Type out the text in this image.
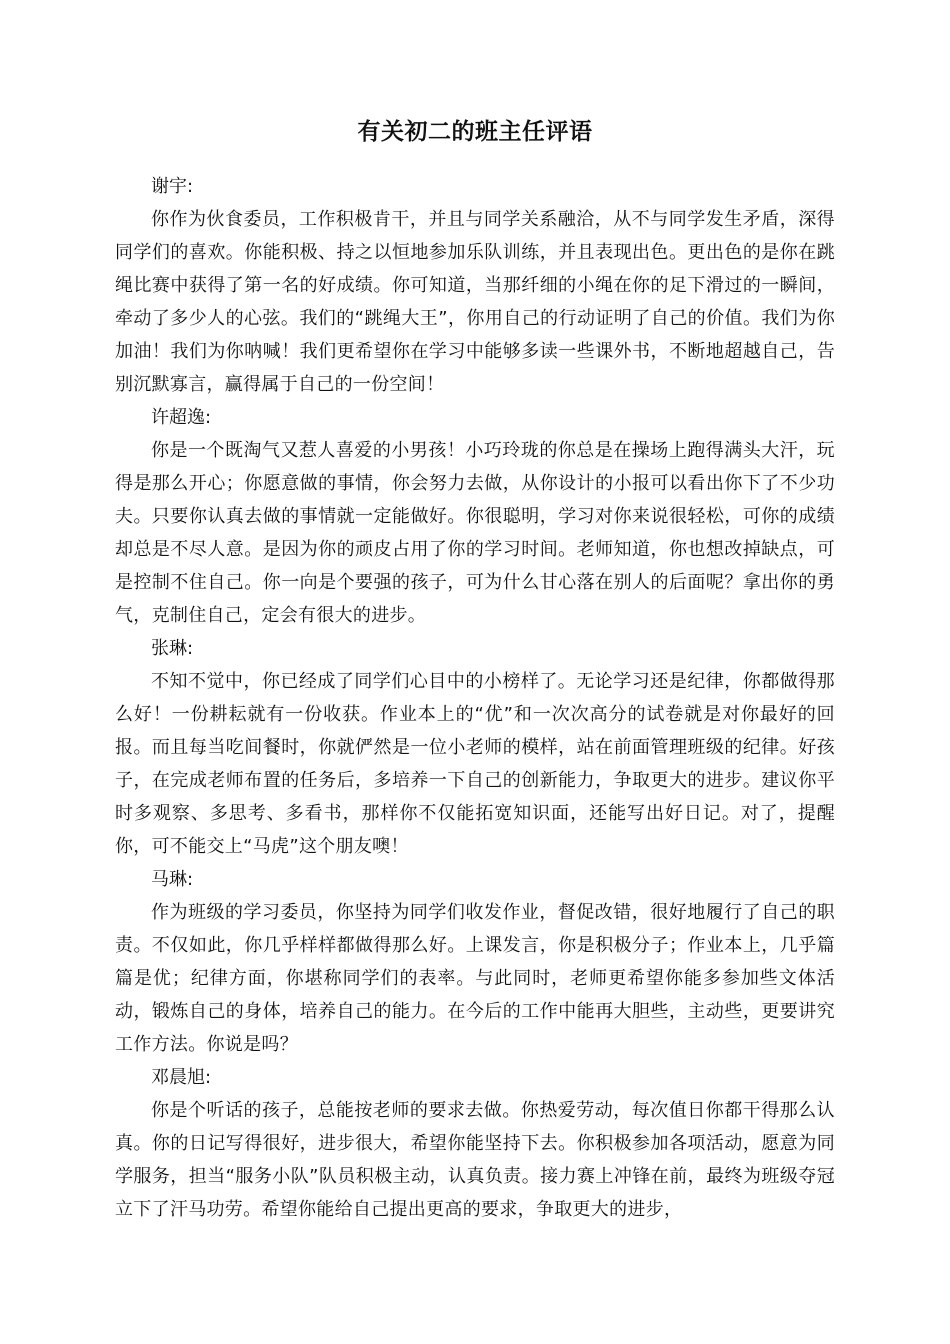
有关初二的班主任评语

谢宇:

你作为伙食委员，工作积极肯干，并且与同学关系融洽，从不与同学发生矛盾，深得同学们的喜欢。你能积极、持之以恒地参加乐队训练，并且表现出色。更出色的是你在跳绳比赛中获得了第一名的好成绩。你可知道，当那纤细的小绳在你的足下滑过的一瞬间，牵动了多少人的心弦。我们的“跳绳大王”，你用自己的行动证明了自己的价值。我们为你加油！我们为你呐喊！我们更希望你在学习中能够多读一些课外书，不断地超越自己，告别沉默寡言，赢得属于自己的一份空间！

许超逸:

你是一个既淘气又惹人喜爱的小男孩！小巧玲珑的你总是在操场上跑得满头大汗，玩得是那么开心；你愿意做的事情，你会努力去做，从你设计的小报可以看出你下了不少功夫。只要你认真去做的事情就一定能做好。你很聪明，学习对你来说很轻松，可你的成绩却总是不尽人意。是因为你的顽皮占用了你的学习时间。老师知道，你也想改掉缺点，可是控制不住自己。你一向是个要强的孩子，可为什么甘心落在别人的后面呢？拿出你的勇气，克制住自己，定会有很大的进步。

张琳:

不知不觉中，你已经成了同学们心目中的小榜样了。无论学习还是纪律，你都做得那么好！一份耕耘就有一份收获。作业本上的“优”和一次次高分的试卷就是对你最好的回报。而且每当吃间餐时，你就俨然是一位小老师的模样，站在前面管理班级的纪律。好孩子，在完成老师布置的任务后，多培养一下自己的创新能力，争取更大的进步。建议你平时多观察、多思考、多看书，那样你不仅能拓宽知识面，还能写出好日记。对了，提醒你，可不能交上“马虎”这个朋友噢！

马琳:

作为班级的学习委员，你坚持为同学们收发作业，督促改错，很好地履行了自己的职责。不仅如此，你几乎样样都做得那么好。上课发言，你是积极分子；作业本上，几乎篇篇是优；纪律方面，你堪称同学们的表率。与此同时，老师更希望你能多参加些文体活动，锻炼自己的身体，培养自己的能力。在今后的工作中能再大胆些，主动些，更要讲究工作方法。你说是吗？

邓晨旭:

你是个听话的孩子，总能按老师的要求去做。你热爱劳动，每次值日你都干得那么认真。你的日记写得很好，进步很大，希望你能坚持下去。你积极参加各项活动，愿意为同学服务，担当“服务小队”队员积极主动，认真负责。接力赛上冲锋在前，最终为班级夺冠立下了汗马功劳。希望你能给自己提出更高的要求，争取更大的进步，
